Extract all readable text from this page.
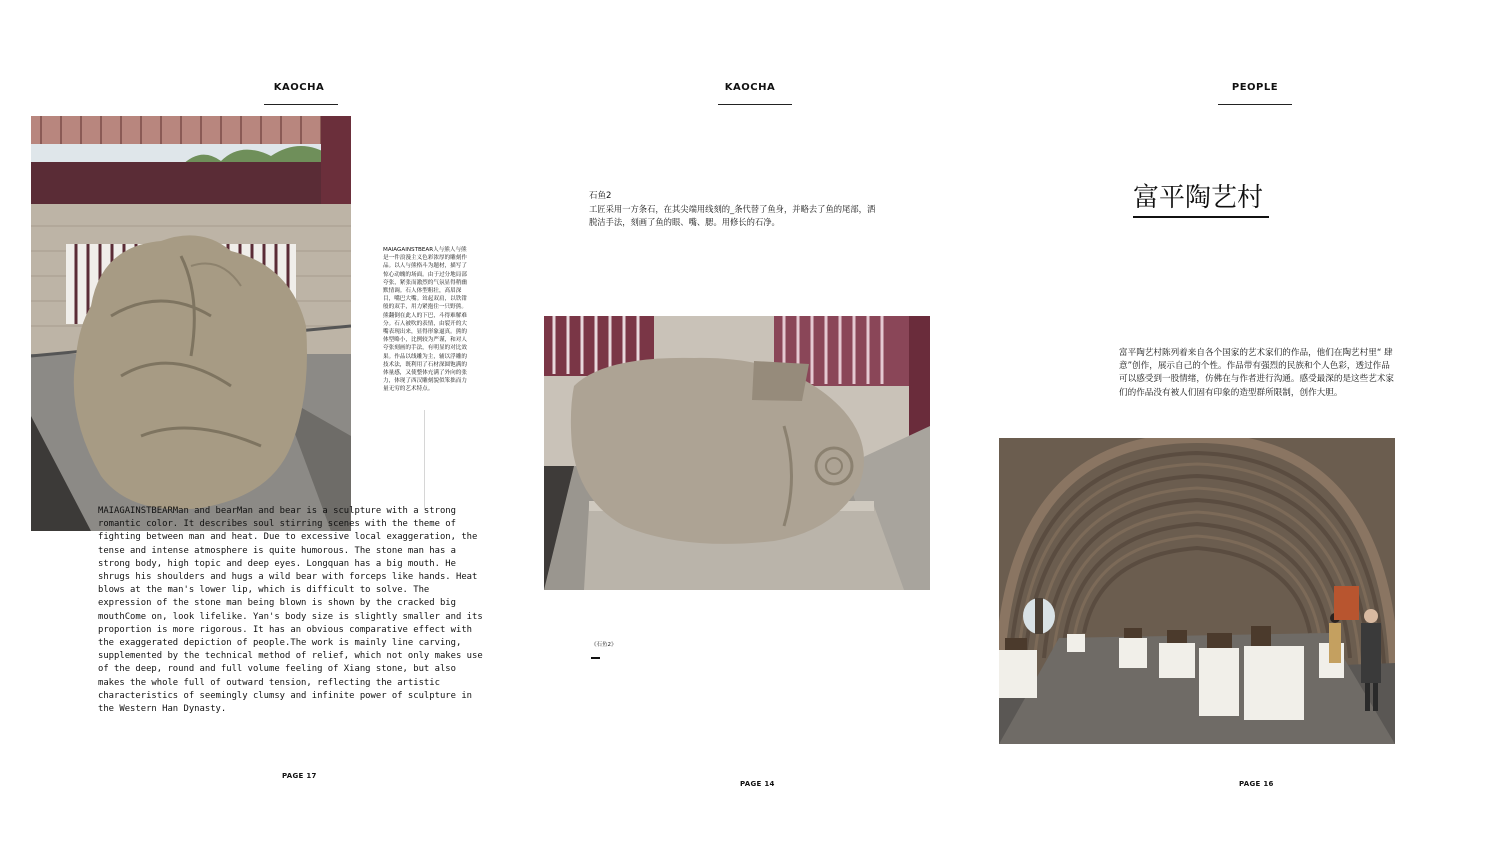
KAOCHA
MAIAGAINSTBEAR人与熊人与熊是一件浪漫主义色彩浓厚的雕刻作品。以人与熊格斗为题材，描写了惊心动魄的场面。由于过分地局部夸张，紧张而激烈的气氛显得稍幽默情调。石人体型粗壮，高眉深目，嘴巴大嘴。耸起双肩，以铁钳般的双手，用力紧抱住一只野熊。熊翻倒在此人的下巴，斗得难解难分。石人被吹的表情，由裂开的大嘴表现出来，显得形象逼真。熊的体型略小，比例较为严谨，和对人夸张刻画的手法，有明显的对比效果。作品以线雕为主，辅以浮雕的技术法，既利用了石材深圆饱满的体量感，又使整体充满了外向的张力，体现了西汉雕刻貌似笨拙而力量无穷的艺术特点。
MAIAGAINSTBEARMan and bearMan and bear is a sculpture with a strong romantic color. It describes soul stirring scenes with the theme of fighting between man and heat. Due to excessive local exaggeration, the tense and intense atmosphere is quite humorous. The stone man has a strong body, high topic and deep eyes. Longquan has a big mouth. He shrugs his shoulders and hugs a wild bear with forceps like hands. Heat blows at the man's lower lip, which is difficult to solve. The expression of the stone man being blown is shown by the cracked big mouthCome on, look lifelike. Yan's body size is slightly smaller and its proportion is more rigorous. It has an obvious comparative effect with the exaggerated depiction of people.The work is mainly line carving, supplemented by the technical method of relief, which not only makes use of the deep, round and full volume feeling of Xiang stone, but also makes the whole full of outward tension, reflecting the artistic characteristics of seemingly clumsy and infinite power of sculpture in the Western Han Dynasty.
PAGE 17
KAOCHA
石鱼2
工匠采用一方条石，在其尖端用线刻的_条代替了鱼身，并略去了鱼的尾部，洒脱洁手法，刻画了鱼的眼、嘴、腮。用修长的石净。
《石鱼2》
PAGE 14
PEOPLE
富平陶艺村
富平陶艺村陈列着来自各个国家的艺术家们的作品，他们在陶艺村里“ 肆意”创作，展示自己的个性。作品带有强烈的民族和个人色彩，透过作品可以感受到一股情绪，仿佛在与作者进行沟通。感受最深的是这些艺术家们的作品没有被人们固有印象的造型群所限制，创作大胆。
PAGE 16
